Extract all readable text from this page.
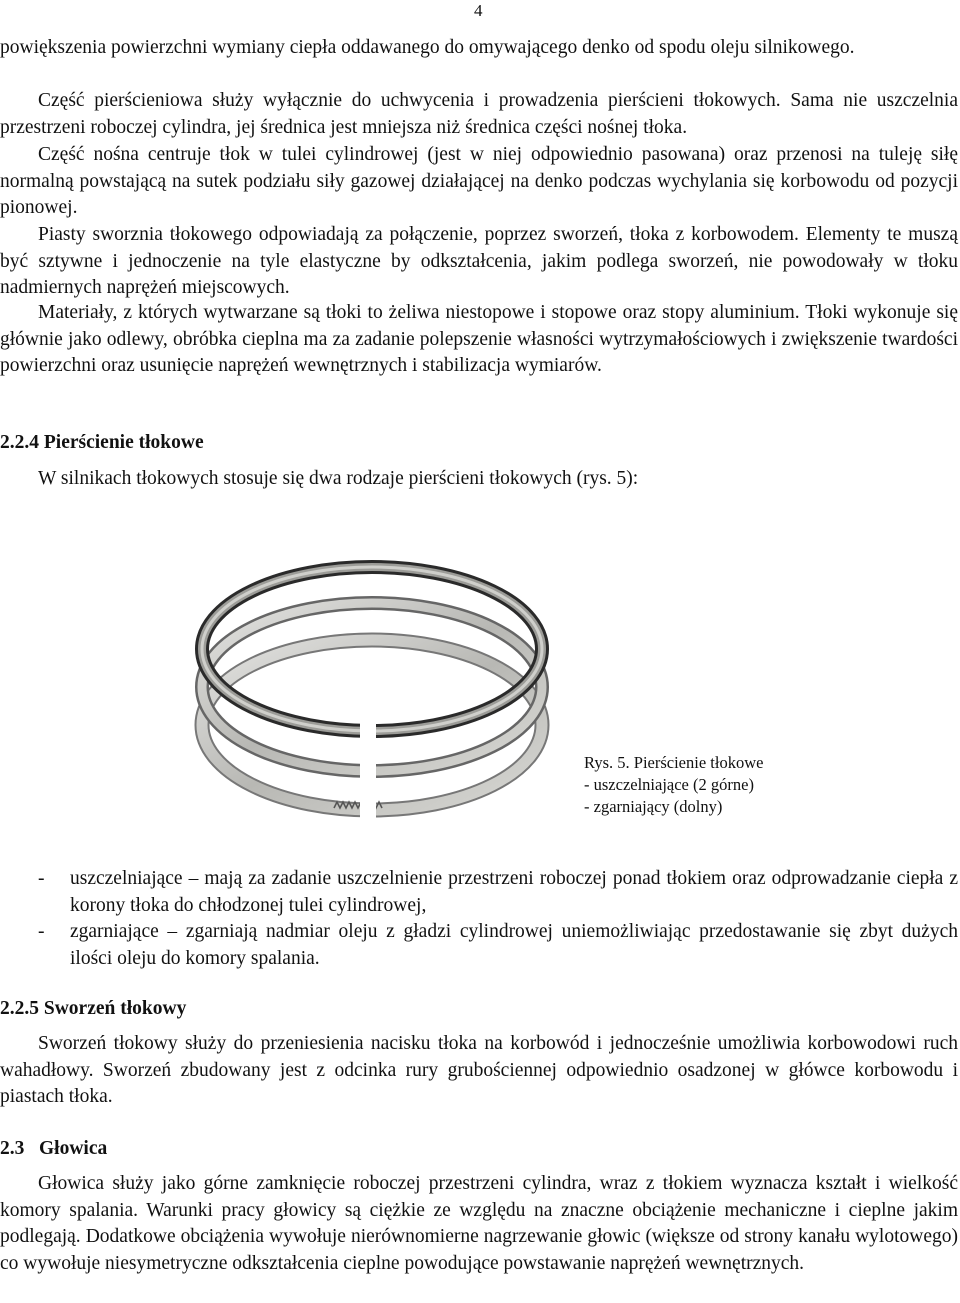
4
powiększenia powierzchni wymiany ciepła oddawanego do omywającego denko od spodu oleju silnikowego.
Część pierścieniowa służy wyłącznie do uchwycenia i prowadzenia pierścieni tłokowych. Sama nie uszczelnia przestrzeni roboczej cylindra, jej średnica jest mniejsza niż średnica części nośnej tłoka.
Część nośna centruje tłok w tulei cylindrowej (jest w niej odpowiednio pasowana) oraz przenosi na tuleję siłę normalną powstającą na sutek podziału siły gazowej działającej na denko podczas wychylania się korbowodu od pozycji pionowej.
Piasty sworznia tłokowego odpowiadają za połączenie, poprzez sworzeń, tłoka z korbowodem. Elementy te muszą być sztywne i jednoczenie na tyle elastyczne by odkształcenia, jakim podlega sworzeń, nie powodowały w tłoku nadmiernych naprężeń miejscowych.
Materiały, z których wytwarzane są tłoki to żeliwa niestopowe i stopowe oraz stopy aluminium. Tłoki wykonuje się głównie jako odlewy, obróbka cieplna ma za zadanie polepszenie własności wytrzymałościowych i zwiększenie twardości powierzchni oraz usunięcie naprężeń wewnętrznych i stabilizacja wymiarów.
2.2.4 Pierścienie tłokowe
W silnikach tłokowych stosuje się dwa rodzaje pierścieni tłokowych (rys. 5):
Rys. 5. Pierścienie tłokowe
- uszczelniające (2 górne)
- zgarniający (dolny)
- uszczelniające – mają za zadanie uszczelnienie przestrzeni roboczej ponad tłokiem oraz odprowadzanie ciepła z korony tłoka do chłodzonej tulei cylindrowej,
- zgarniające – zgarniają nadmiar oleju z gładzi cylindrowej uniemożliwiając przedostawanie się zbyt dużych ilości oleju do komory spalania.
2.2.5 Sworzeń tłokowy
Sworzeń tłokowy służy do przeniesienia nacisku tłoka na korbowód i jednocześnie umożliwia korbowodowi ruch wahadłowy. Sworzeń zbudowany jest z odcinka rury grubościennej odpowiednio osadzonej w główce korbowodu i piastach tłoka.
2.3   Głowica
Głowica służy jako górne zamknięcie roboczej przestrzeni cylindra, wraz z tłokiem wyznacza kształt i wielkość komory spalania. Warunki pracy głowicy są ciężkie ze względu na znaczne obciążenie mechaniczne i cieplne jakim podlegają. Dodatkowe obciążenia wywołuje nierównomierne nagrzewanie głowic (większe od strony kanału wylotowego) co wywołuje niesymetryczne odkształcenia cieplne powodujące powstawanie naprężeń wewnętrznych.
